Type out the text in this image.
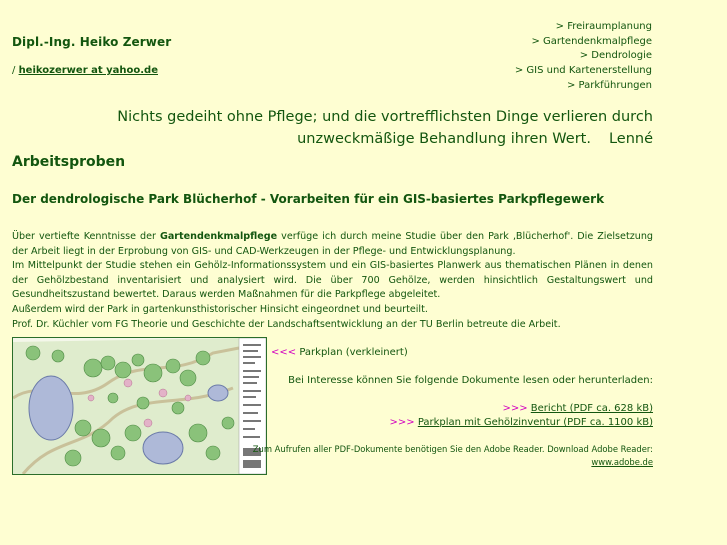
Dipl.-Ing. Heiko Zerwer
/ heikozerwer at yahoo.de
> Freiraumplanung
> Gartendenkmalpflege
> Dendrologie
> GIS und Kartenerstellung
> Parkführungen
Nichts gedeiht ohne Pflege; und die vortrefflichsten Dinge verlieren durch
unzweckmäßige Behandlung ihren Wert. Lenné
Arbeitsproben
Der dendrologische Park Blücherhof - Vorarbeiten für ein GIS-basiertes Parkpflegewerk

Über vertiefte Kenntnisse der Gartendenkmalpflege verfüge ich durch meine Studie über den Park ‚Blücherhof'. Die Zielsetzung der Arbeit liegt in der Erprobung von GIS- und CAD-Werkzeugen in der Pflege- und Entwicklungsplanung.

Im Mittelpunkt der Studie stehen ein Gehölz-Informationssystem und ein GIS-basiertes Planwerk aus thematischen Plänen in denen der Gehölzbestand inventarisiert und analysiert wird. Die über 700 Gehölze, werden hinsichtlich Gestaltungswert und Gesundheitszustand bewertet. Daraus werden Maßnahmen für die Parkpflege abgeleitet.

Außerdem wird der Park in gartenkunsthistorischer Hinsicht eingeordnet und beurteilt.

Prof. Dr. Küchler vom FG Theorie und Geschichte der Landschaftsentwicklung an der TU Berlin betreute die Arbeit.

<<< Parkplan (verkleinert)
Bei Interesse können Sie folgende Dokumente lesen oder herunterladen:
>>> Bericht (PDF ca. 628 kB)
>>> Parkplan mit Gehölzinventur (PDF ca. 1100 kB)
Zum Aufrufen aller PDF-Dokumente benötigen Sie den Adobe Reader. Download Adobe Reader:
www.adobe.de
